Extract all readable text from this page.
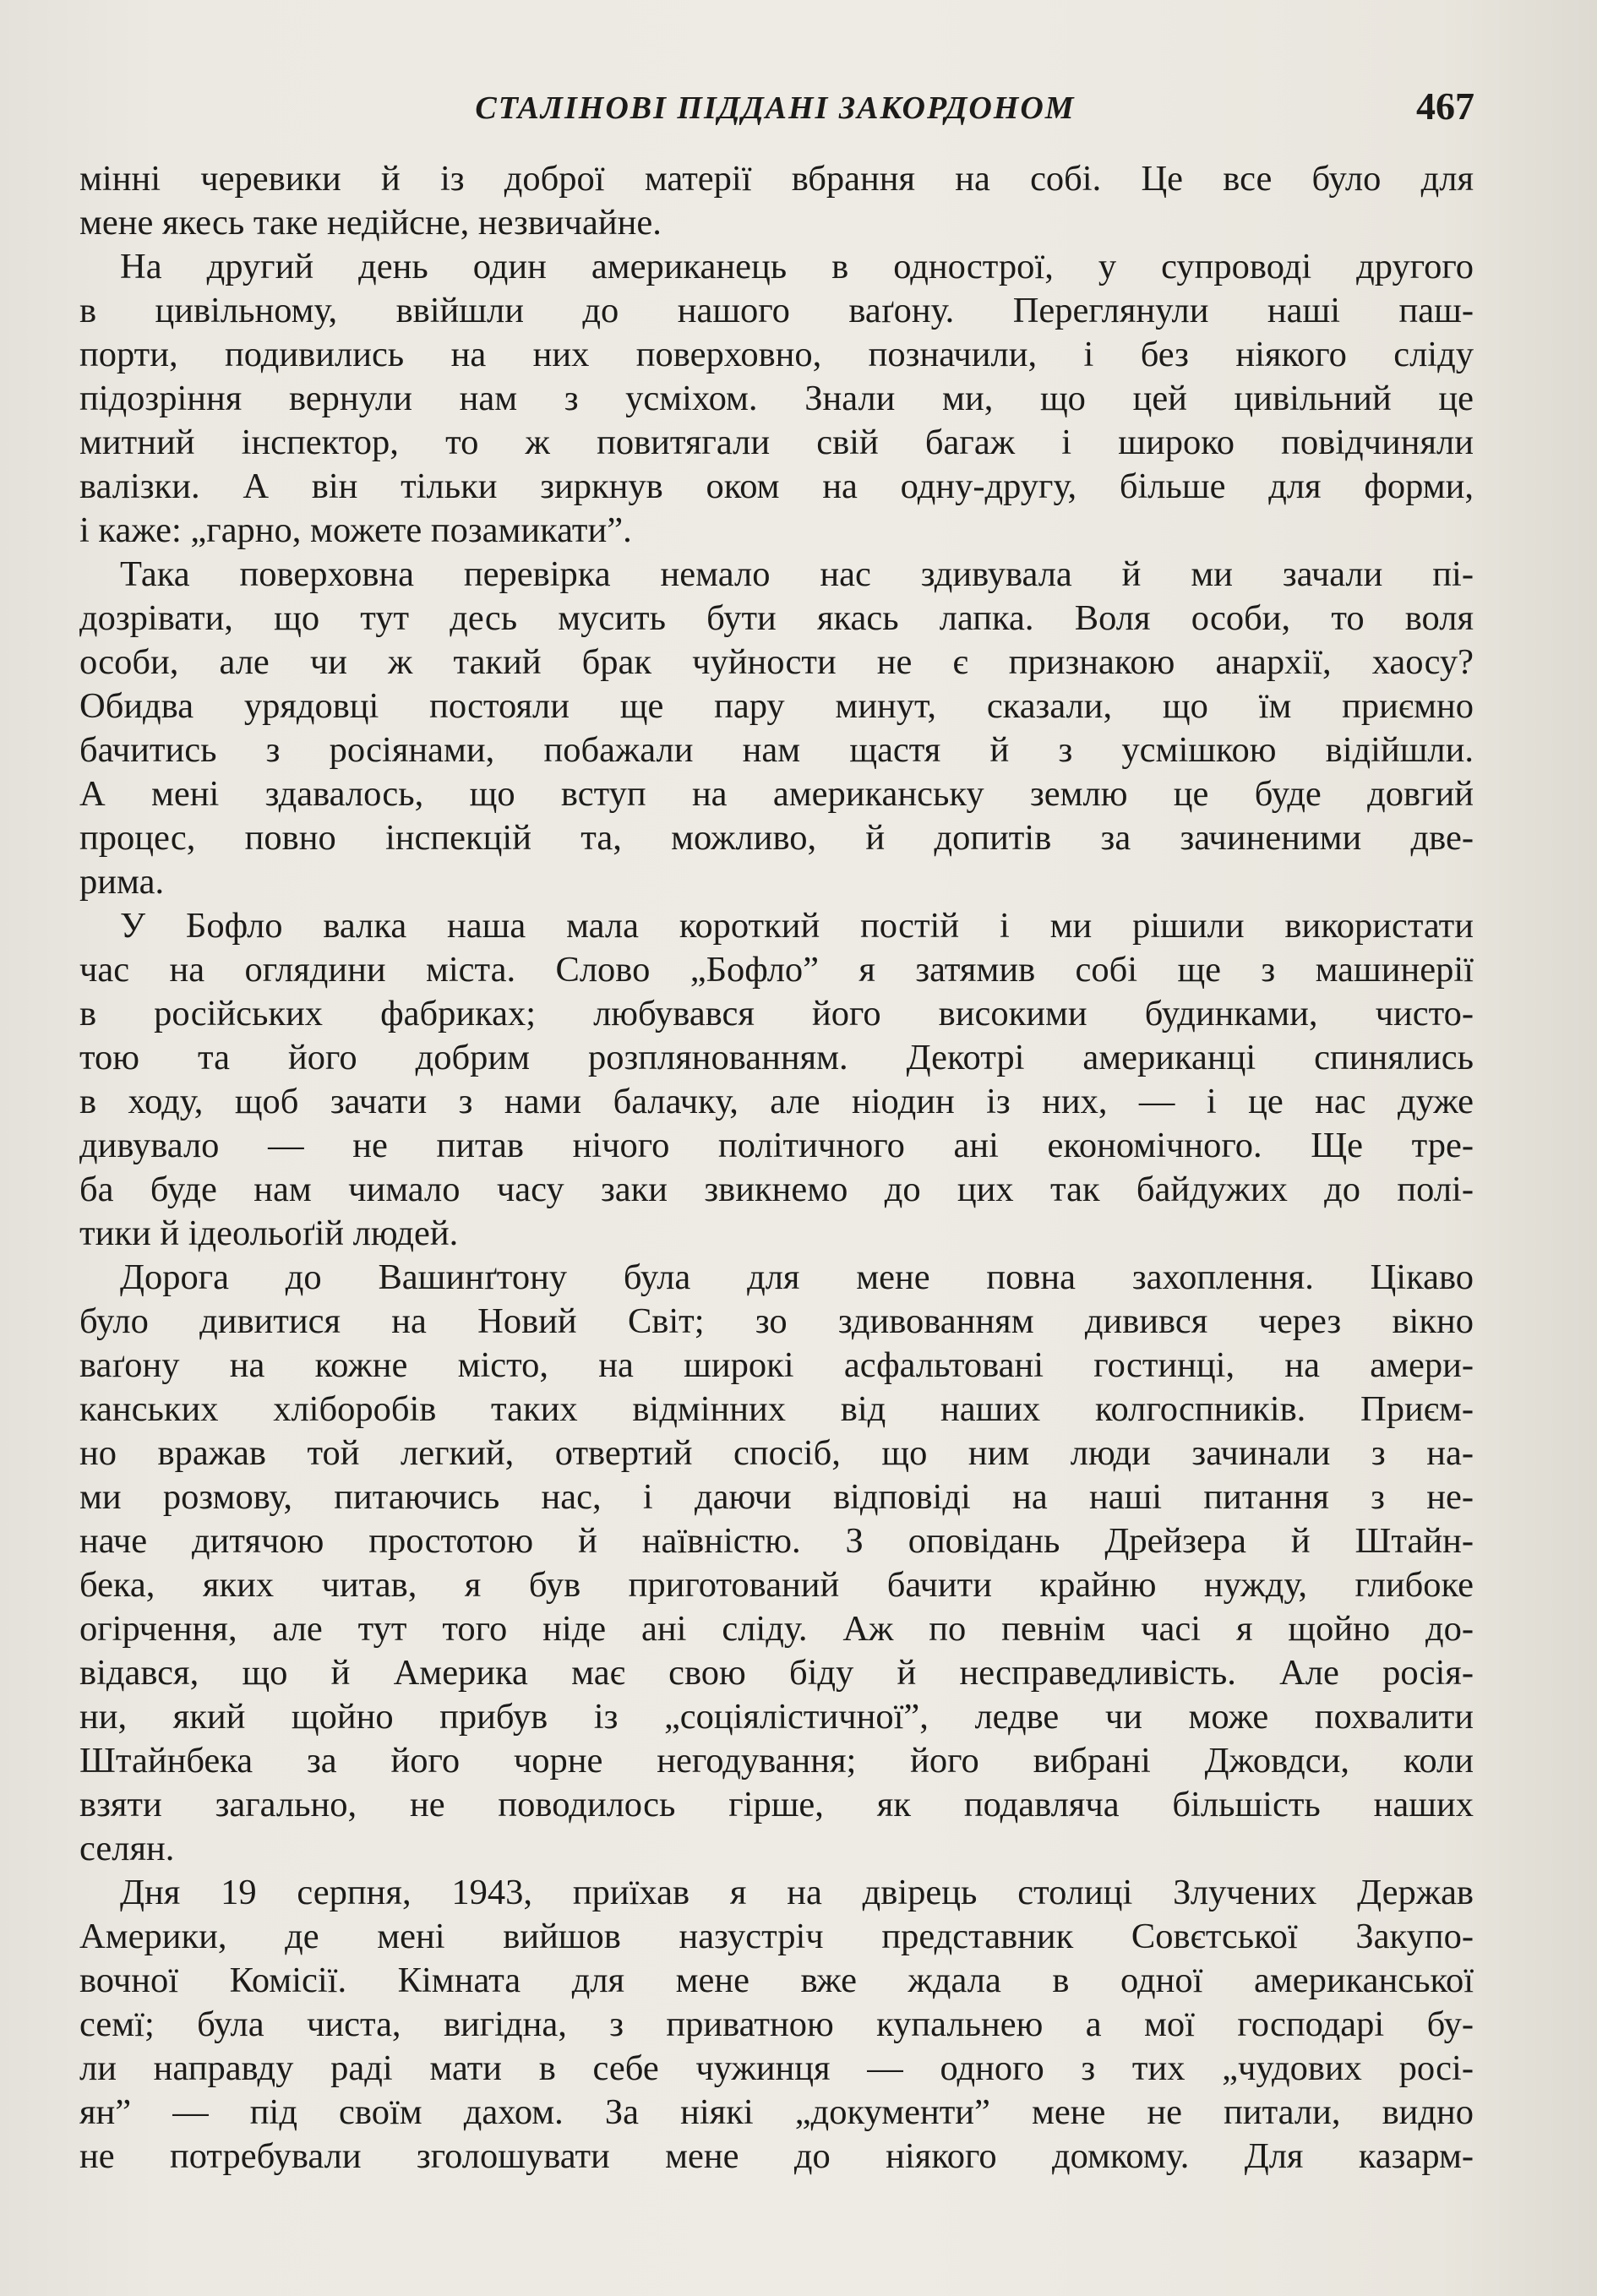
СТАЛІНОВІ ПІДДАНІ ЗАКОРДОНОМ	467

мінні черевики й із доброї матерії вбрання на собі. Це все було для
мене якесь таке недійсне, незвичайне.

На другий день один американець в однострої, у супроводі другого
в цивільному, ввійшли до нашого ваґону. Переглянули наші паш-
порти, подивились на них поверховно, позначили, і без ніякого сліду
підозріння вернули нам з усміхом. Знали ми, що цей цивільний це
митний інспектор, то ж повитягали свій багаж і широко повідчиняли
валізки. А він тільки зиркнув оком на одну-другу, більше для форми,
і каже: „гарно, можете позамикати”.

Така поверховна перевірка немало нас здивувала й ми зачали пі-
дозрівати, що тут десь мусить бути якась лапка. Воля особи, то воля
особи, але чи ж такий брак чуйности не є признакою анархії, хаосу?
Обидва урядовці постояли ще пару минут, сказали, що їм приємно
бачитись з росіянами, побажали нам щастя й з усмішкою відійшли.
А мені здавалось, що вступ на американську землю це буде довгий
процес, повно інспекцій та, можливо, й допитів за зачиненими две-
рима.

У Бофло валка наша мала короткий постій і ми рішили використати
час на оглядини міста. Слово „Бофло” я затямив собі ще з машинерії
в російських фабриках; любувався його високими будинками, чисто-
тою та його добрим розплянованням. Декотрі американці спинялись
в ходу, щоб зачати з нами балачку, але ніодин із них, — і це нас дуже
дивувало — не питав нічого політичного ані економічного. Ще тре-
ба буде нам чимало часу заки звикнемо до цих так байдужих до полі-
тики й ідеольоґій людей.

Дорога до Вашинґтону була для мене повна захоплення. Цікаво
було дивитися на Новий Світ; зо здивованням дивився через вікно
ваґону на кожне місто, на широкі асфальтовані гостинці, на амери-
канських хліборобів таких відмінних від наших колгоспників. Приєм-
но вражав той легкий, отвертий спосіб, що ним люди зачинали з на-
ми розмову, питаючись нас, і даючи відповіді на наші питання з не-
наче дитячою простотою й наївністю. З оповідань Дрейзера й Штайн-
бека, яких читав, я був приготований бачити крайню нужду, глибоке
огірчення, але тут того ніде ані сліду. Аж по певнім часі я щойно до-
відався, що й Америка має свою біду й несправедливість. Але росія-
ни, який щойно прибув із „соціялістичної”, ледве чи може похвалити
Штайнбека за його чорне негодування; його вибрані Джовдси, коли
взяти загально, не поводилось гірше, як подавляча більшість наших
селян.

Дня 19 серпня, 1943, приїхав я на двірець столиці Злучених Держав
Америки, де мені вийшов назустріч представник Совєтської Закупо-
вочної Комісії. Кімната для мене вже ждала в одної американської
семї; була чиста, вигідна, з приватною купальнею а мої господарі бу-
ли направду раді мати в себе чужинця — одного з тих „чудових росі-
ян” — під своїм дахом. За ніякі „документи” мене не питали, видно
не потребували зголошувати мене до ніякого домкому. Для казарм-
